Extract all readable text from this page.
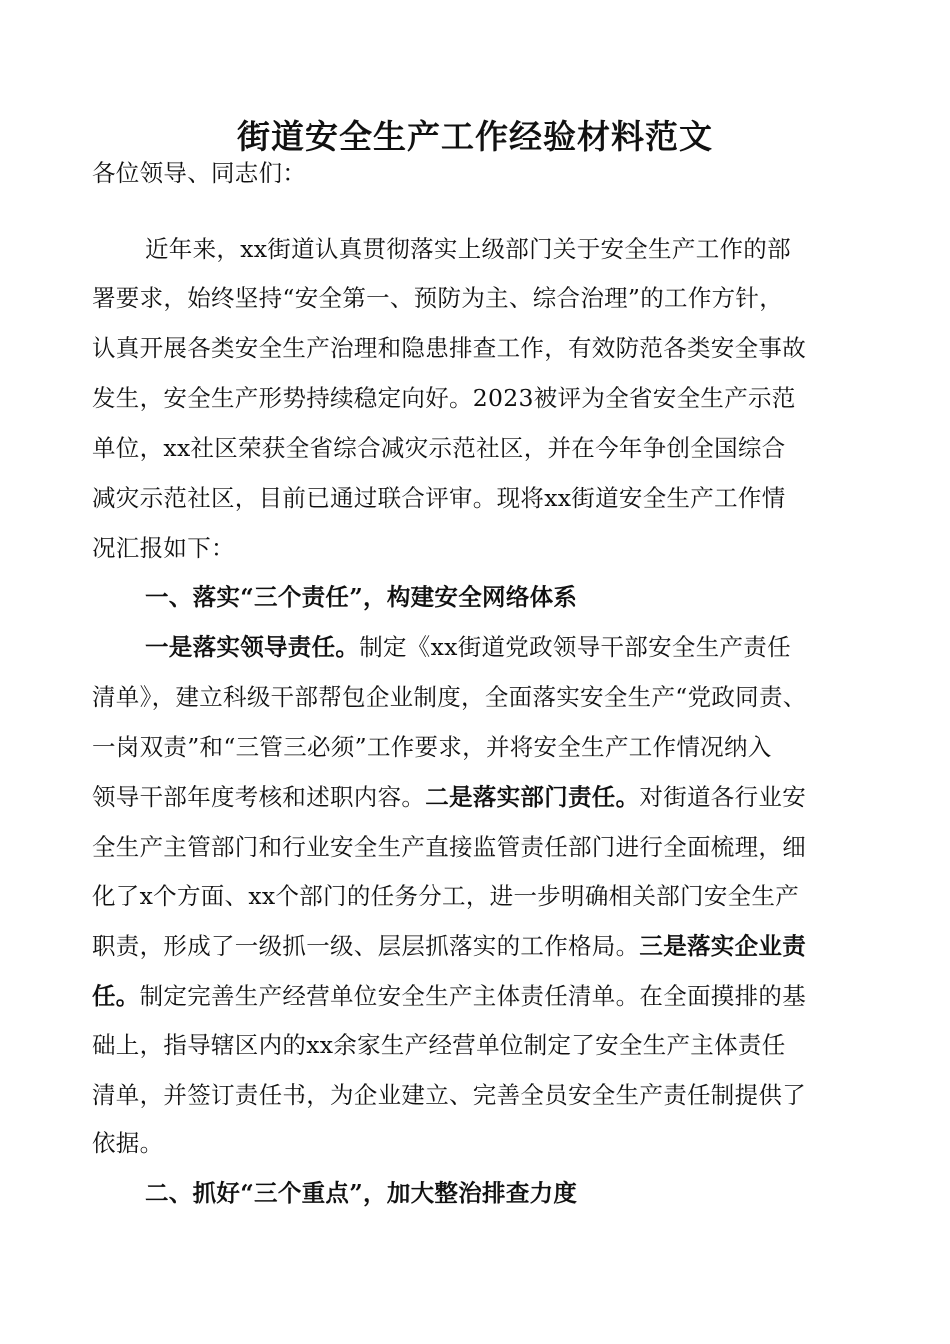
街道安全生产工作经验材料范文
各位领导、同志们：
近年来，xx街道认真贯彻落实上级部门关于安全生产工作的部
署要求，始终坚持“安全第一、预防为主、综合治理”的工作方针，
认真开展各类安全生产治理和隐患排查工作，有效防范各类安全事故
发生，安全生产形势持续稳定向好。2023被评为全省安全生产示范
单位，xx社区荣获全省综合减灾示范社区，并在今年争创全国综合
减灾示范社区，目前已通过联合评审。现将xx街道安全生产工作情
况汇报如下：
一、落实“三个责任”，构建安全网络体系
一是落实领导责任。制定《xx街道党政领导干部安全生产责任
清单》，建立科级干部帮包企业制度，全面落实安全生产“党政同责、
一岗双责”和“三管三必须”工作要求，并将安全生产工作情况纳入
领导干部年度考核和述职内容。二是落实部门责任。对街道各行业安
全生产主管部门和行业安全生产直接监管责任部门进行全面梳理，细
化了x个方面、xx个部门的任务分工，进一步明确相关部门安全生产
职责，形成了一级抓一级、层层抓落实的工作格局。三是落实企业责
任。制定完善生产经营单位安全生产主体责任清单。在全面摸排的基
础上，指导辖区内的xx余家生产经营单位制定了安全生产主体责任
清单，并签订责任书，为企业建立、完善全员安全生产责任制提供了
依据。
二、抓好“三个重点”，加大整治排查力度
